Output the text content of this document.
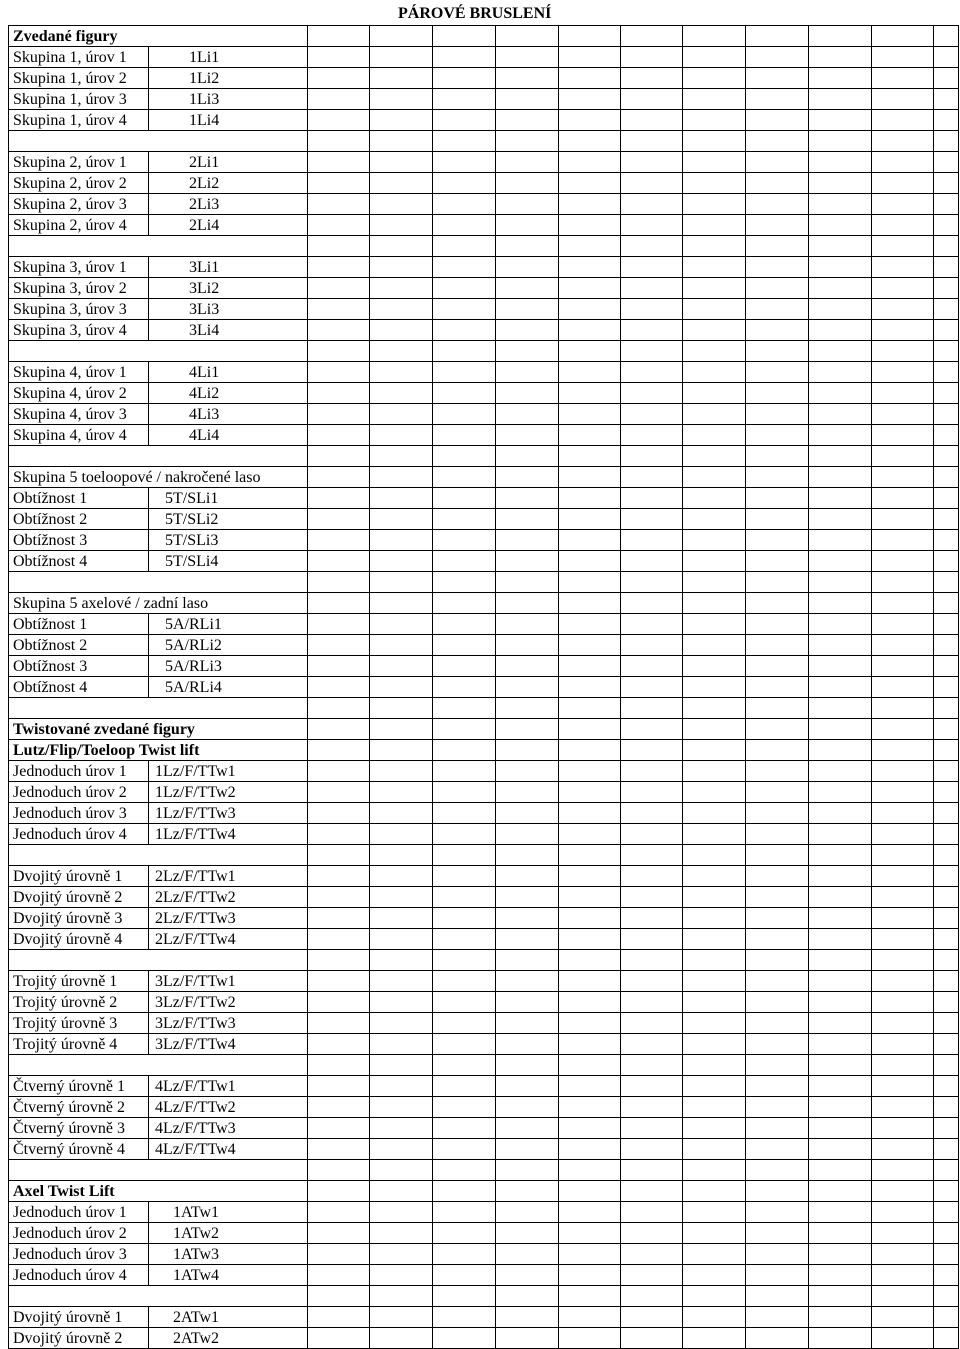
PÁROVÉ BRUSLENÍ
Zvedané figury												
Skupina 1, úrov 1	1Li1											
Skupina 1, úrov 2	1Li2											
Skupina 1, úrov 3	1Li3											
Skupina 1, úrov 4	1Li4											

Skupina 2, úrov 1	2Li1											
Skupina 2, úrov 2	2Li2											
Skupina 2, úrov 3	2Li3											
Skupina 2, úrov 4	2Li4											

Skupina 3, úrov 1	3Li1											
Skupina 3, úrov 2	3Li2											
Skupina 3, úrov 3	3Li3											
Skupina 3, úrov 4	3Li4											

Skupina 4, úrov 1	4Li1											
Skupina 4, úrov 2	4Li2											
Skupina 4, úrov 3	4Li3											
Skupina 4, úrov 4	4Li4											

Skupina 5 toeloopové / nakročené laso												
Obtížnost 1	5T/SLi1											
Obtížnost 2	5T/SLi2											
Obtížnost 3	5T/SLi3											
Obtížnost 4	5T/SLi4											

Skupina 5 axelové / zadní laso												
Obtížnost 1	5A/RLi1											
Obtížnost 2	5A/RLi2											
Obtížnost 3	5A/RLi3											
Obtížnost 4	5A/RLi4											

Twistované zvedané figury												
Lutz/Flip/Toeloop Twist lift												
Jednoduch úrov 1	1Lz/F/TTw1											
Jednoduch úrov 2	1Lz/F/TTw2											
Jednoduch úrov 3	1Lz/F/TTw3											
Jednoduch úrov 4	1Lz/F/TTw4											

Dvojitý úrovně 1	2Lz/F/TTw1											
Dvojitý úrovně 2	2Lz/F/TTw2											
Dvojitý úrovně 3	2Lz/F/TTw3											
Dvojitý úrovně 4	2Lz/F/TTw4											

Trojitý úrovně 1	3Lz/F/TTw1											
Trojitý úrovně 2	3Lz/F/TTw2											
Trojitý úrovně 3	3Lz/F/TTw3											
Trojitý úrovně 4	3Lz/F/TTw4											

Čtverný úrovně 1	4Lz/F/TTw1											
Čtverný úrovně 2	4Lz/F/TTw2											
Čtverný úrovně 3	4Lz/F/TTw3											
Čtverný úrovně 4	4Lz/F/TTw4											

Axel Twist Lift												
Jednoduch úrov 1	1ATw1											
Jednoduch úrov 2	1ATw2											
Jednoduch úrov 3	1ATw3											
Jednoduch úrov 4	1ATw4											

Dvojitý úrovně 1	2ATw1											
Dvojitý úrovně 2	2ATw2											
